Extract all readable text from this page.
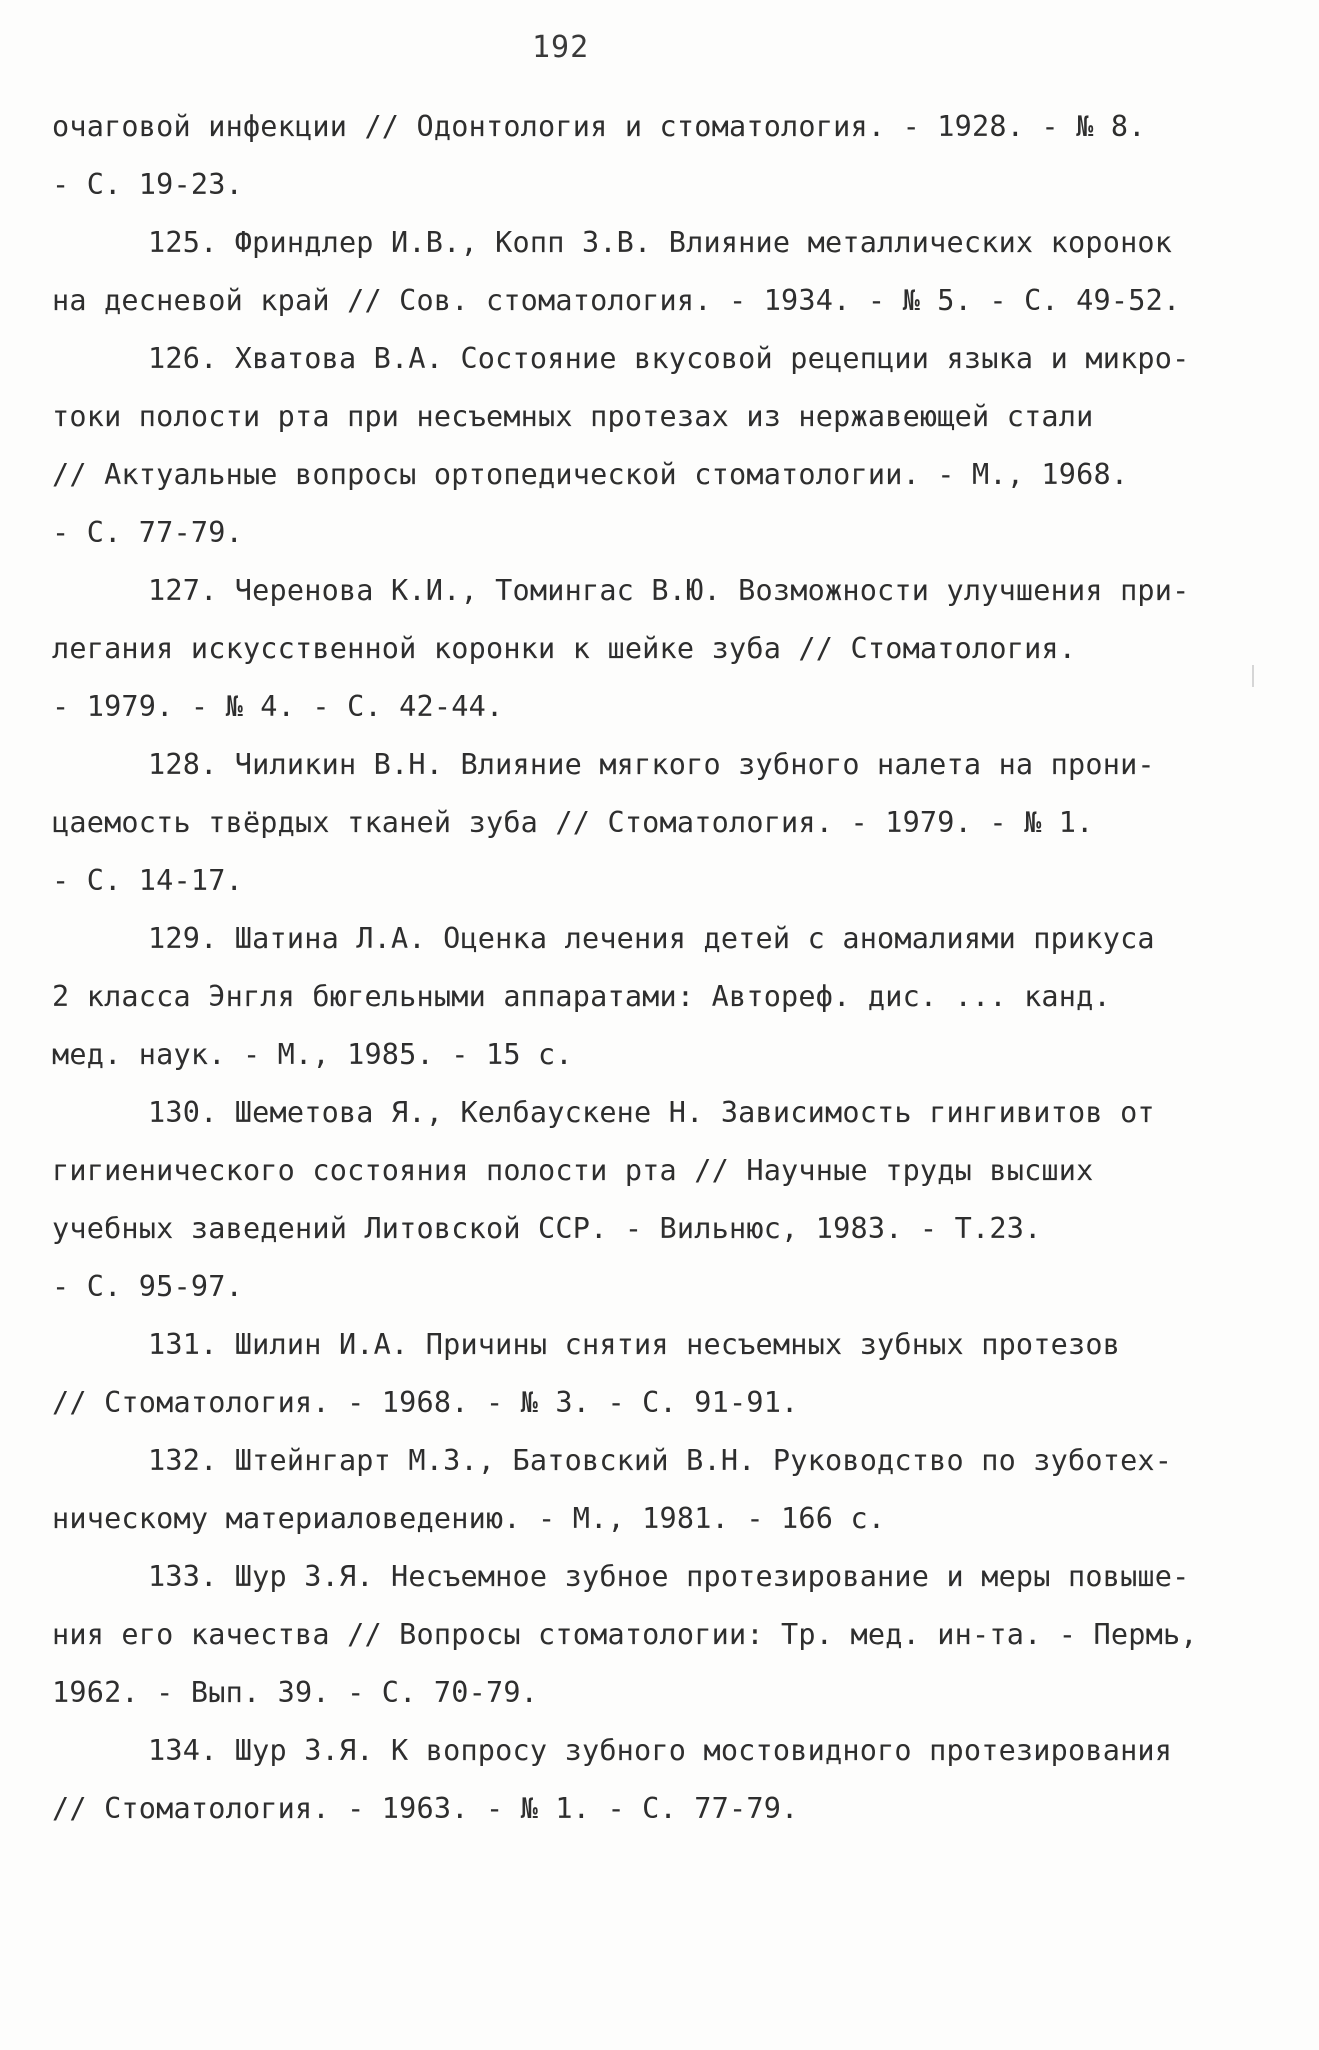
192
очаговой инфекции // Одонтология и стоматология. - 1928. - № 8.
- С. 19-23.
125. Фриндлер И.В., Копп З.В. Влияние металлических коронок
на десневой край // Сов. стоматология. - 1934. - № 5. - С. 49-52.
126. Хватова В.А. Состояние вкусовой рецепции языка и микро-
токи полости рта при несъемных протезах из нержавеющей стали
// Актуальные вопросы ортопедической стоматологии. - М., 1968.
- С. 77-79.
127. Черенова К.И., Томингас В.Ю. Возможности улучшения при-
легания искусственной коронки к шейке зуба // Стоматология.
- 1979. - № 4. - С. 42-44.
128. Чиликин В.Н. Влияние мягкого зубного налета на прони-
цаемость твёрдых тканей зуба // Стоматология. - 1979. - № 1.
- С. 14-17.
129. Шатина Л.А. Оценка лечения детей с аномалиями прикуса
2 класса Энгля бюгельными аппаратами: Автореф. дис. ... канд.
мед. наук. - М., 1985. - 15 с.
130. Шеметова Я., Келбаускене Н. Зависимость гингивитов от
гигиенического состояния полости рта // Научные труды высших
учебных заведений Литовской ССР. - Вильнюс, 1983. - Т.23.
- С. 95-97.
131. Шилин И.А. Причины снятия несъемных зубных протезов
// Стоматология. - 1968. - № 3. - С. 91-91.
132. Штейнгарт М.З., Батовский В.Н. Руководство по зуботех-
ническому материаловедению. - М., 1981. - 166 с.
133. Шур З.Я. Несъемное зубное протезирование и меры повыше-
ния его качества // Вопросы стоматологии: Тр. мед. ин-та. - Пермь,
1962. - Вып. 39. - С. 70-79.
134. Шур З.Я. К вопросу зубного мостовидного протезирования
// Стоматология. - 1963. - № 1. - С. 77-79.
